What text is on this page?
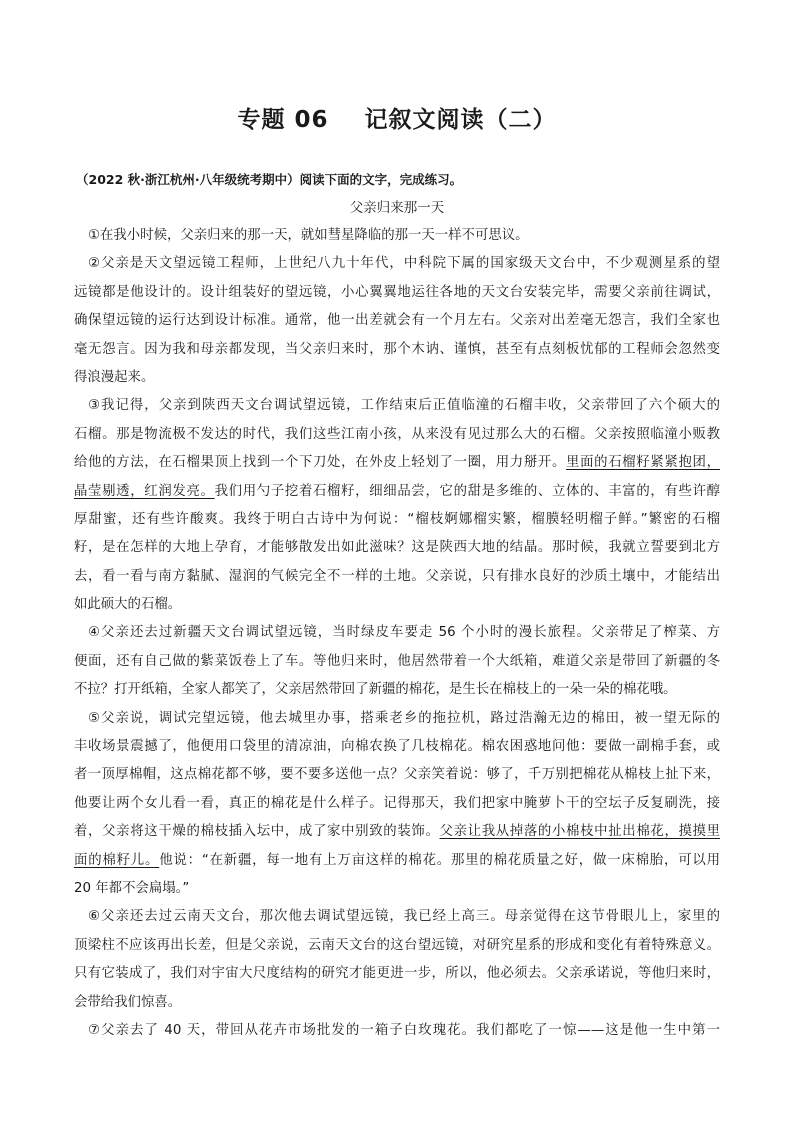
专题 06    记叙文阅读（二）
（2022 秋·浙江杭州·八年级统考期中）阅读下面的文字，完成练习。
父亲归来那一天
①在我小时候，父亲归来的那一天，就如彗星降临的那一天一样不可思议。
②父亲是天文望远镜工程师，上世纪八九十年代，中科院下属的国家级天文台中，不少观测星系的望
远镜都是他设计的。设计组装好的望远镜，小心翼翼地运往各地的天文台安装完毕，需要父亲前往调试，
确保望远镜的运行达到设计标准。通常，他一出差就会有一个月左右。父亲对出差毫无怨言，我们全家也
毫无怨言。因为我和母亲都发现，当父亲归来时，那个木讷、谨慎，甚至有点刻板忧郁的工程师会忽然变
得浪漫起来。
③我记得，父亲到陕西天文台调试望远镜，工作结束后正值临潼的石榴丰收，父亲带回了六个硕大的
石榴。那是物流极不发达的时代，我们这些江南小孩，从来没有见过那么大的石榴。父亲按照临潼小贩教
给他的方法，在石榴果顶上找到一个下刀处，在外皮上轻划了一圈，用力掰开。里面的石榴籽紧紧抱团，
晶莹剔透，红润发亮。我们用勺子挖着石榴籽，细细品尝，它的甜是多维的、立体的、丰富的，有些许醇
厚甜蜜，还有些许酸爽。我终于明白古诗中为何说：“榴枝婀娜榴实繁，榴膜轻明榴子鲜。”繁密的石榴
籽，是在怎样的大地上孕育，才能够散发出如此滋味？这是陕西大地的结晶。那时候，我就立誓要到北方
去，看一看与南方黏腻、湿润的气候完全不一样的土地。父亲说，只有排水良好的沙质土壤中，才能结出
如此硕大的石榴。
④父亲还去过新疆天文台调试望远镜，当时绿皮车要走 56 个小时的漫长旅程。父亲带足了榨菜、方
便面，还有自己做的紫菜饭卷上了车。等他归来时，他居然带着一个大纸箱，难道父亲是带回了新疆的冬
不拉？打开纸箱，全家人都笑了，父亲居然带回了新疆的棉花，是生长在棉枝上的一朵一朵的棉花哦。
⑤父亲说，调试完望远镜，他去城里办事，搭乘老乡的拖拉机，路过浩瀚无边的棉田，被一望无际的
丰收场景震撼了，他便用口袋里的清凉油，向棉农换了几枝棉花。棉农困惑地问他：要做一副棉手套，或
者一顶厚棉帽，这点棉花都不够，要不要多送他一点？父亲笑着说：够了，千万别把棉花从棉枝上扯下来，
他要让两个女儿看一看，真正的棉花是什么样子。记得那天，我们把家中腌萝卜干的空坛子反复刷洗，接
着，父亲将这干燥的棉枝插入坛中，成了家中别致的装饰。父亲让我从掉落的小棉枝中扯出棉花，摸摸里
面的棉籽儿。他说：“在新疆，每一地有上万亩这样的棉花。那里的棉花质量之好，做一床棉胎，可以用
20 年都不会扁塌。”
⑥父亲还去过云南天文台，那次他去调试望远镜，我已经上高三。母亲觉得在这节骨眼儿上，家里的
顶梁柱不应该再出长差，但是父亲说，云南天文台的这台望远镜，对研究星系的形成和变化有着特殊意义。
只有它装成了，我们对宇宙大尺度结构的研究才能更进一步，所以，他必须去。父亲承诺说，等他归来时，
会带给我们惊喜。
⑦父亲去了 40 天，带回从花卉市场批发的一箱子白玫瑰花。我们都吃了一惊——这是他一生中第一
